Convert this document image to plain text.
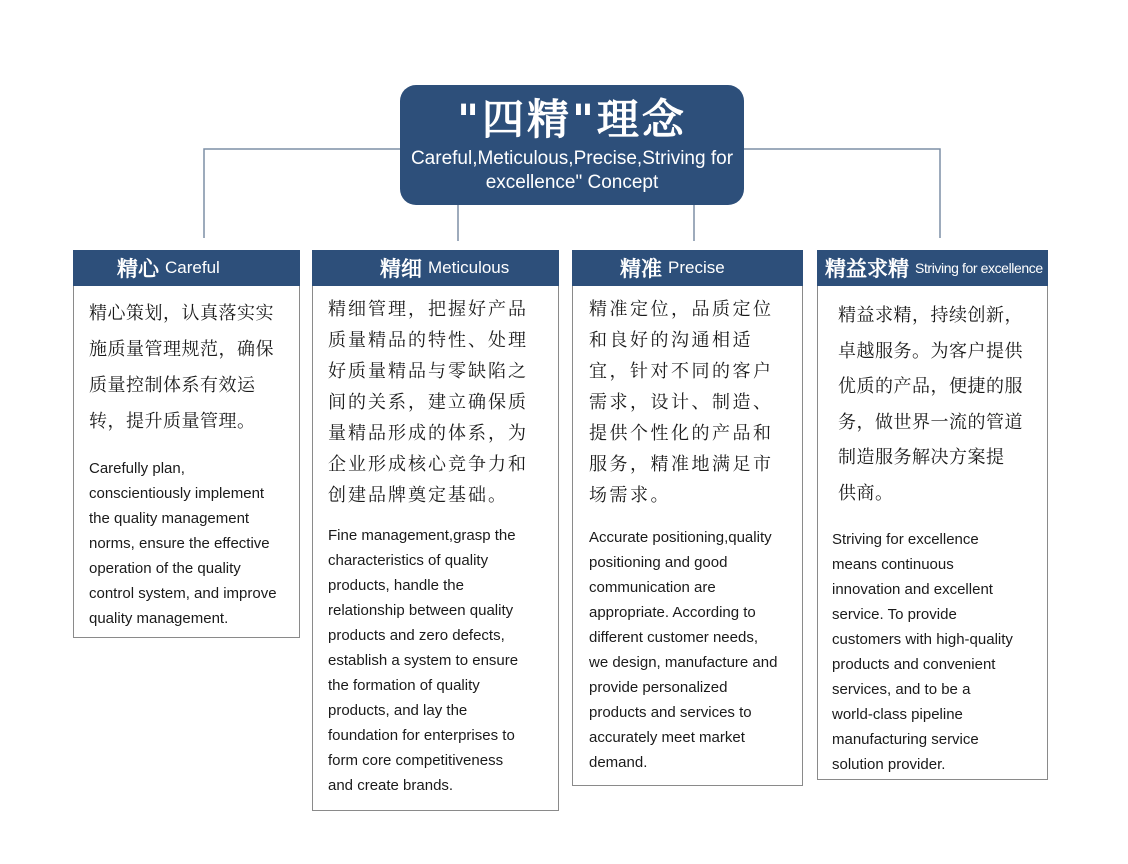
"四精"理念
Careful,Meticulous,Precise,Striving for excellence" Concept
精心 Careful

精心策划，认真落实实
施质量管理规范，确保
质量控制体系有效运
转，提升质量管理。

Carefully plan,
conscientiously implement
the quality management
norms, ensure the effective
operation of the quality
control system, and improve
quality management.

精细 Meticulous

精细管理，把握好产品
质量精品的特性、处理
好质量精品与零缺陷之
间的关系，建立确保质
量精品形成的体系，为
企业形成核心竞争力和
创建品牌奠定基础。

Fine management,grasp the
characteristics of quality
products, handle the
relationship between quality
products and zero defects,
establish a system to ensure
the formation of quality
products, and lay the
foundation for enterprises to
form core competitiveness
and create brands.

精准 Precise

精准定位，品质定位
和良好的沟通相适
宜，针对不同的客户
需求，设计、制造、
提供个性化的产品和
服务，精准地满足市
场需求。

Accurate positioning,quality
positioning and good
communication are
appropriate. According to
different customer needs,
we design, manufacture and
provide personalized
products and services to
accurately meet market
demand.

精益求精 Striving for excellence

精益求精，持续创新，
卓越服务。为客户提供
优质的产品，便捷的服
务，做世界一流的管道
制造服务解决方案提
供商。

Striving for excellence
means continuous
innovation and excellent
service. To provide
customers with high-quality
products and convenient
services, and to be a
world-class pipeline
manufacturing service
solution provider.
